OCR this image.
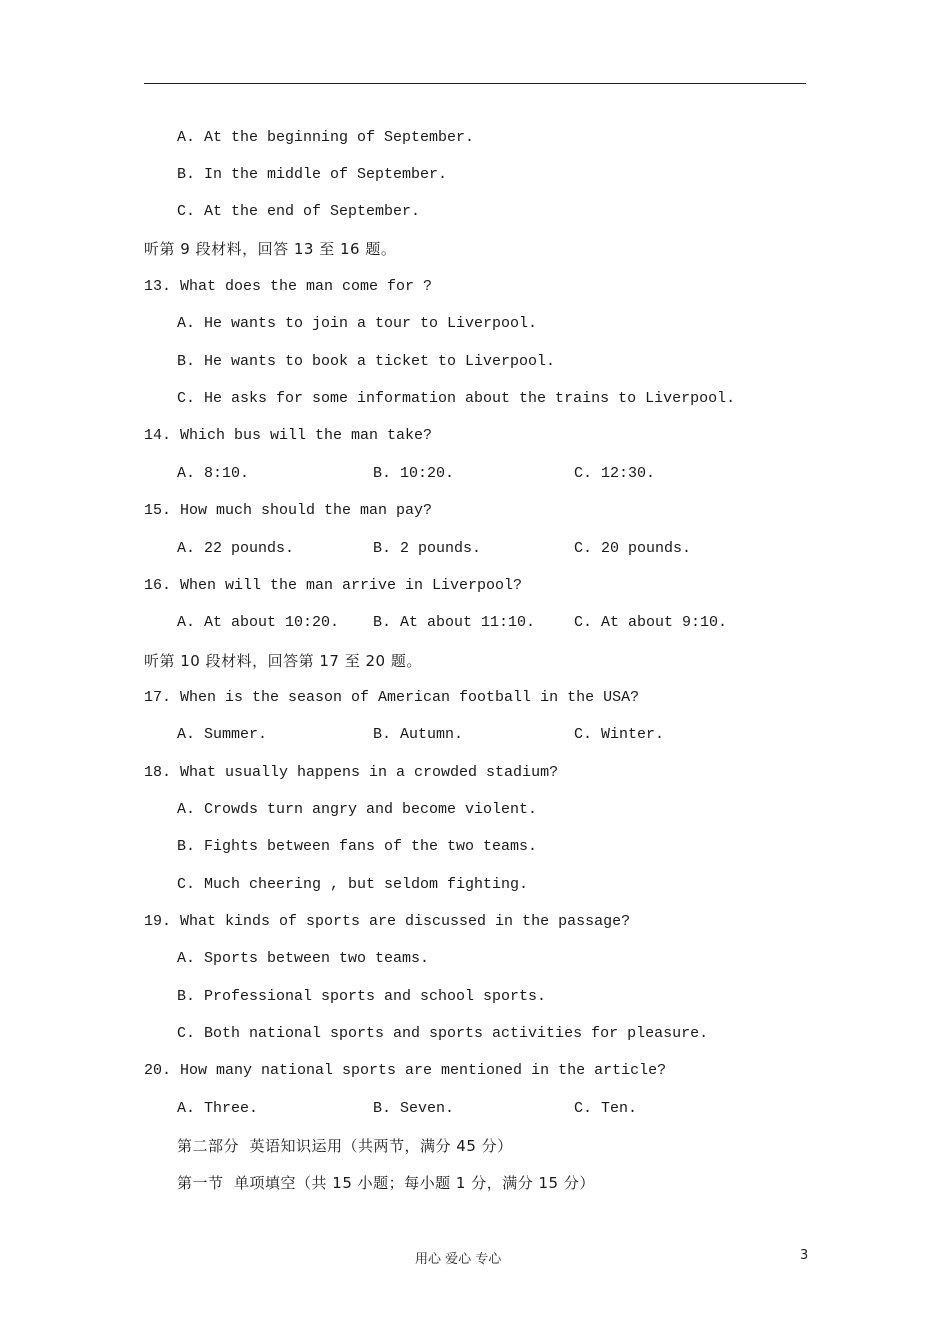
A. At the beginning of September.
B. In the middle of September.
C. At the end of September.
听第 9 段材料，回答 13 至 16 题。
13. What does the man come for ?
A. He wants to join a tour to Liverpool.
B. He wants to book a ticket to Liverpool.
C. He asks for some information about the trains to Liverpool.
14. Which bus will the man take?
15. How much should the man pay?
16. When will the man arrive in Liverpool?
听第 10 段材料，回答第 17 至 20 题。
17. When is the season of American football in the USA?
18. What usually happens in a crowded stadium?
A. Crowds turn angry and become violent.
B. Fights between fans of the two teams.
C. Much cheering , but seldom fighting.
19. What kinds of sports are discussed in the passage?
A. Sports between two teams.
B. Professional sports and school sports.
C. Both national sports and sports activities for pleasure.
20. How many national sports are mentioned in the article?
第二部分  英语知识运用（共两节，满分 45 分）
第一节  单项填空（共 15 小题；每小题 1 分，满分 15 分）
A. 8:10.	B. 10:20.	C. 12:30.
A. 22 pounds.	B. 2 pounds.	C. 20 pounds.
A. At about 10:20. B. At about 11:10.	C. At about 9:10.
A. Summer.	B. Autumn.	C. Winter.
A. Three.	B. Seven.	C. Ten.
用心 爱心 专心	3
